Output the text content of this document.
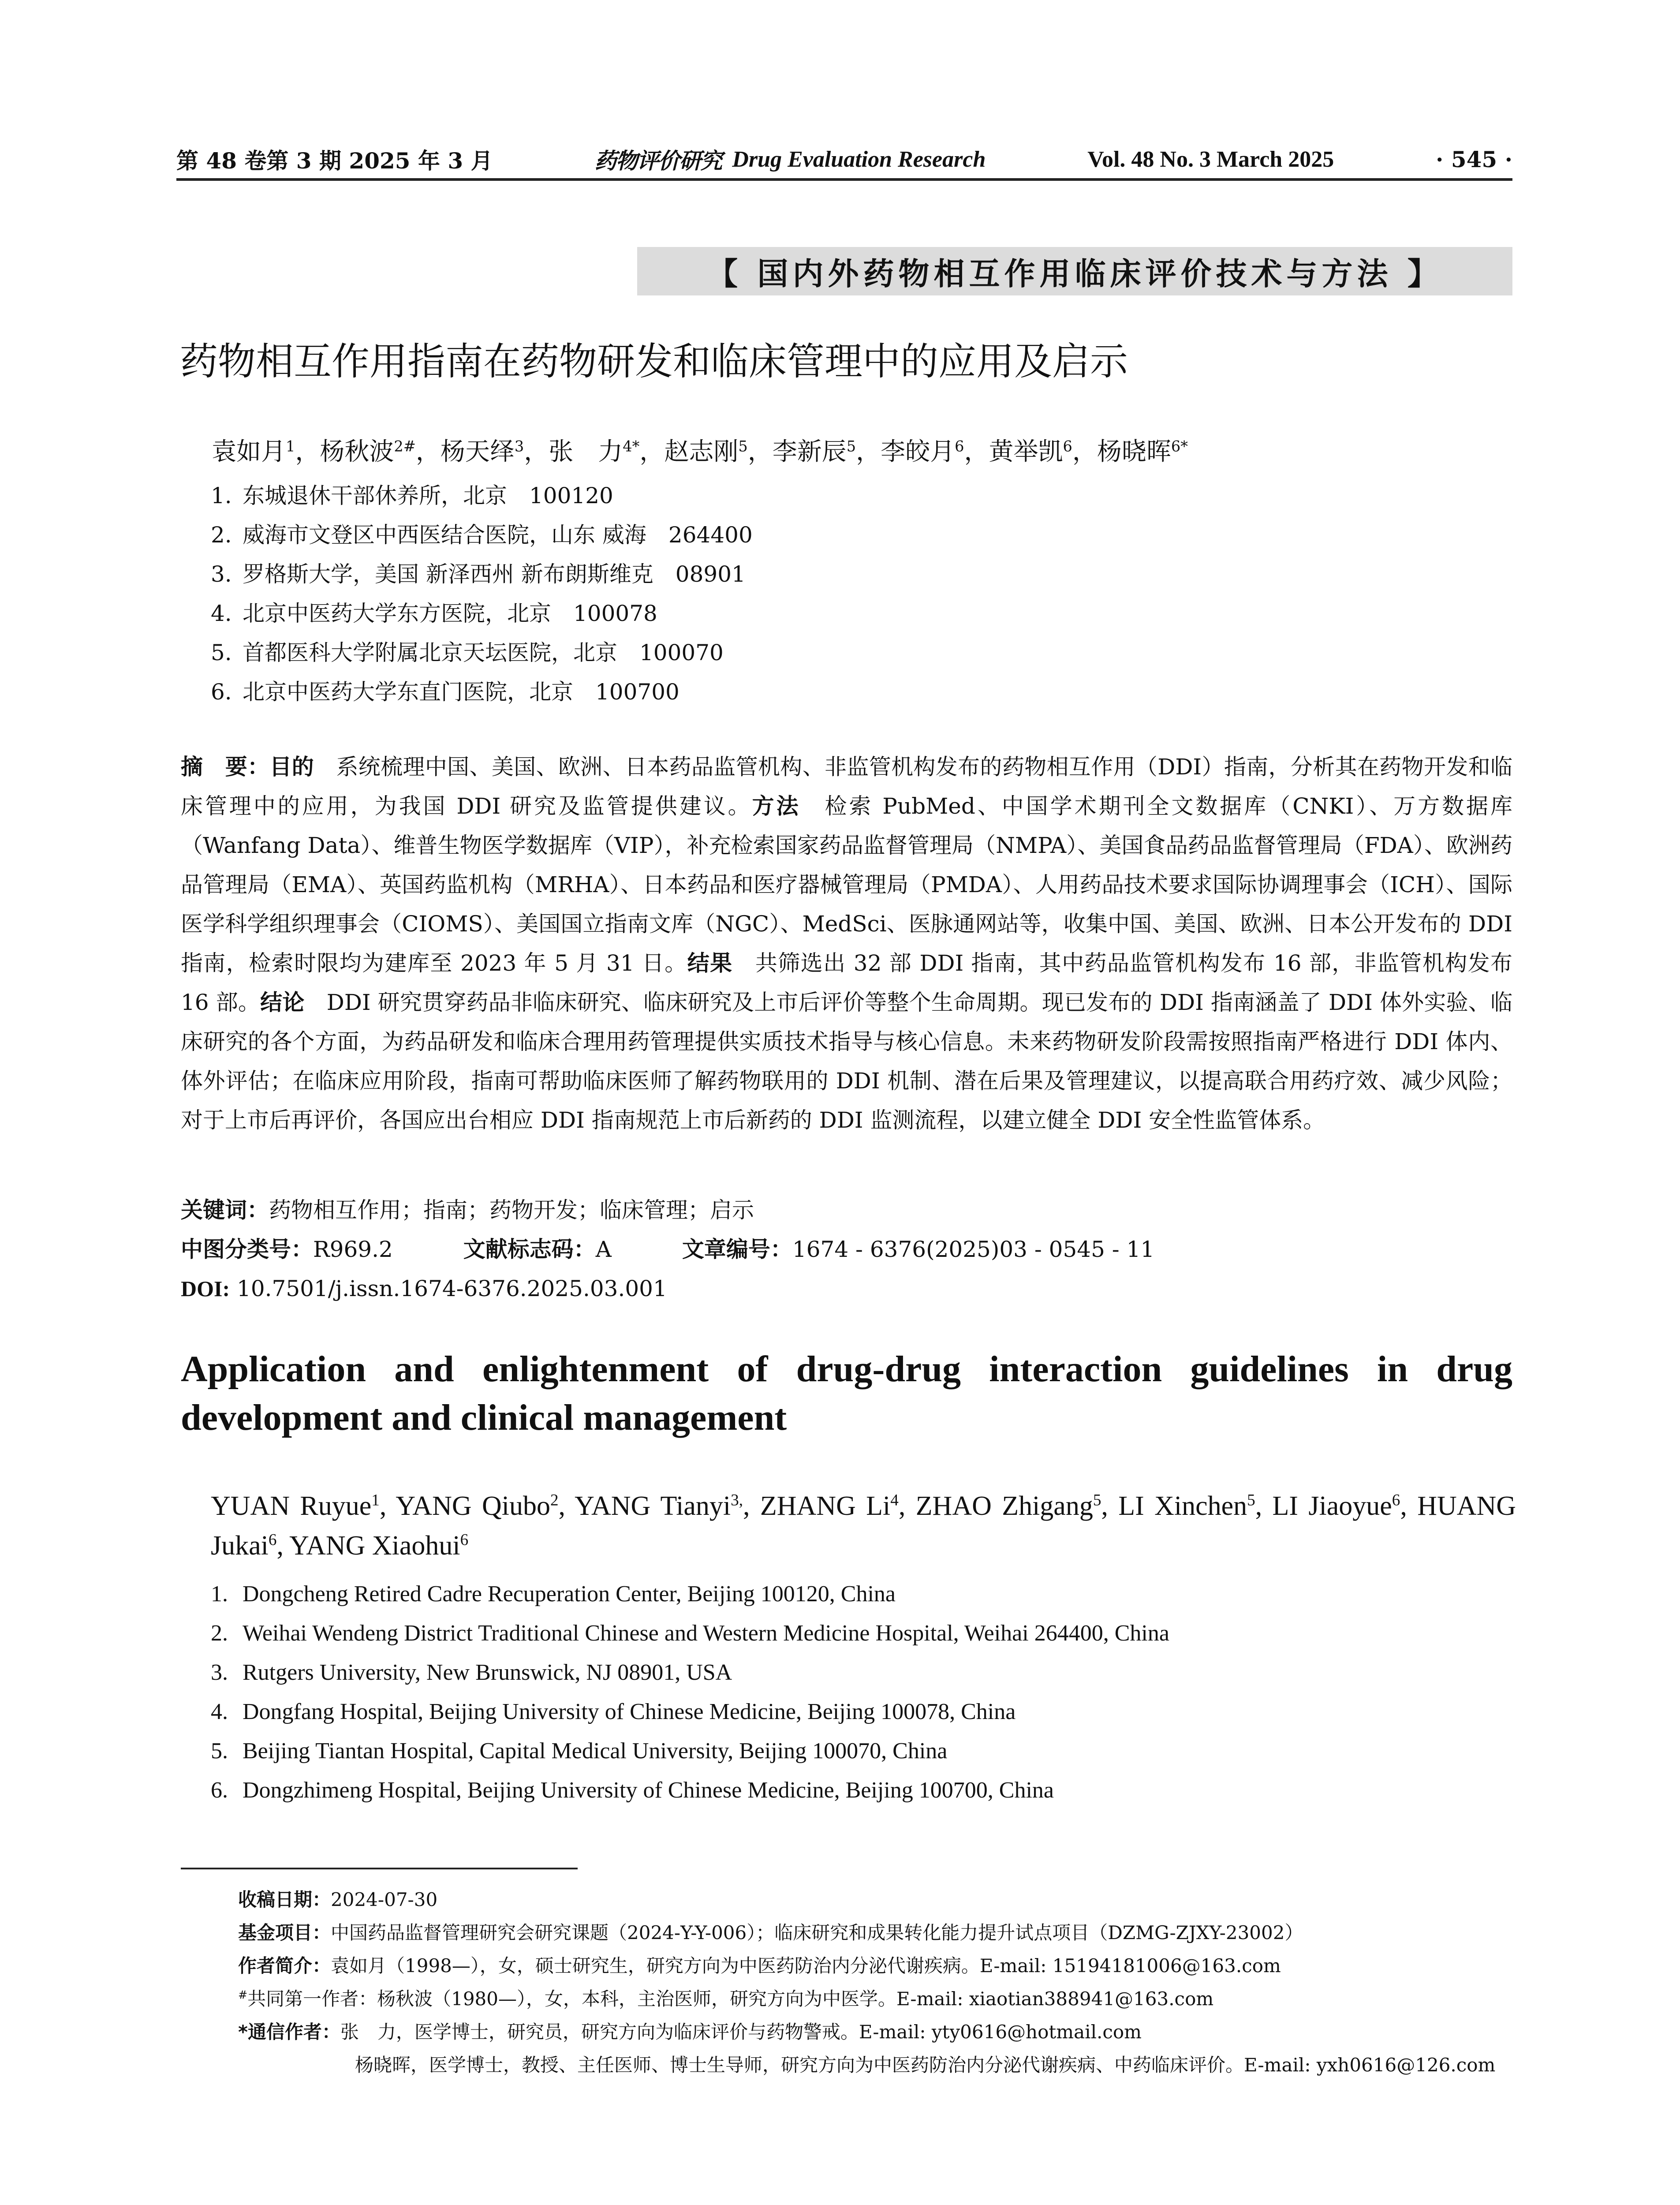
第 48 卷第 3 期 2025 年 3 月	药物评价研究 Drug Evaluation Research	Vol. 48 No. 3 March 2025	· 545 ·
【 国内外药物相互作用临床评价技术与方法 】
药物相互作用指南在药物研发和临床管理中的应用及启示
袁如月$^1$，杨秋波$^{2\#}$，杨天绎$^3$，张　力$^{4*}$，赵志刚$^5$，李新辰$^5$，李皎月$^6$，黄举凯$^6$，杨晓晖$^{6*}$
1. 东城退休干部休养所，北京　100120
2. 威海市文登区中西医结合医院，山东 威海　264400
3. 罗格斯大学，美国 新泽西州 新布朗斯维克　08901
4. 北京中医药大学东方医院，北京　100078
5. 首都医科大学附属北京天坛医院，北京　100070
6. 北京中医药大学东直门医院，北京　100700

摘　要：目的　系统梳理中国、美国、欧洲、日本药品监管机构、非监管机构发布的药物相互作用（DDI）指南，分析其在药物开发和临床管理中的应用，为我国 DDI 研究及监管提供建议。方法　检索 PubMed、中国学术期刊全文数据库（CNKI）、万方数据库（Wanfang Data）、维普生物医学数据库（VIP），补充检索国家药品监督管理局（NMPA）、美国食品药品监督管理局（FDA）、欧洲药品管理局（EMA）、英国药监机构（MRHA）、日本药品和医疗器械管理局（PMDA）、人用药品技术要求国际协调理事会（ICH）、国际医学科学组织理事会（CIOMS）、美国国立指南文库（NGC）、MedSci、医脉通网站等，收集中国、美国、欧洲、日本公开发布的 DDI 指南，检索时限均为建库至 2023 年 5 月 31 日。结果　共筛选出 32 部 DDI 指南，其中药品监管机构发布 16 部，非监管机构发布 16 部。结论　DDI 研究贯穿药品非临床研究、临床研究及上市后评价等整个生命周期。现已发布的 DDI 指南涵盖了 DDI 体外实验、临床研究的各个方面，为药品研发和临床合理用药管理提供实质技术指导与核心信息。未来药物研发阶段需按照指南严格进行 DDI 体内、体外评估；在临床应用阶段，指南可帮助临床医师了解药物联用的 DDI 机制、潜在后果及管理建议，以提高联合用药疗效、减少风险；对于上市后再评价，各国应出台相应 DDI 指南规范上市后新药的 DDI 监测流程，以建立健全 DDI 安全性监管体系。

关键词：药物相互作用；指南；药物开发；临床管理；启示
中图分类号：R969.2	文献标志码：A	文章编号：1674 - 6376(2025)03 - 0545 - 11
DOI: 10.7501/j.issn.1674-6376.2025.03.001
Application and enlightenment of drug-drug interaction guidelines in drug development and clinical management
YUAN Ruyue$^1$, YANG Qiubo$^2$, YANG Tianyi$^{3,}$, ZHANG Li$^4$, ZHAO Zhigang$^5$, LI Xinchen$^5$, LI Jiaoyue$^6$, HUANG Jukai$^6$, YANG Xiaohui$^6$
1. Dongcheng Retired Cadre Recuperation Center, Beijing 100120, China
2. Weihai Wendeng District Traditional Chinese and Western Medicine Hospital, Weihai 264400, China
3. Rutgers University, New Brunswick, NJ 08901, USA
4. Dongfang Hospital, Beijing University of Chinese Medicine, Beijing 100078, China
5. Beijing Tiantan Hospital, Capital Medical University, Beijing 100070, China
6. Dongzhimeng Hospital, Beijing University of Chinese Medicine, Beijing 100700, China
收稿日期：2024-07-30
基金项目：中国药品监督管理研究会研究课题（2024-Y-Y-006）；临床研究和成果转化能力提升试点项目（DZMG-ZJXY-23002）
作者简介：袁如月（1998—），女，硕士研究生，研究方向为中医药防治内分泌代谢疾病。E-mail: 15194181006@163.com
#共同第一作者：杨秋波（1980—），女，本科，主治医师，研究方向为中医学。E-mail: xiaotian388941@163.com
*通信作者：张　力，医学博士，研究员，研究方向为临床评价与药物警戒。E-mail: yty0616@hotmail.com
杨晓晖，医学博士，教授、主任医师、博士生导师，研究方向为中医药防治内分泌代谢疾病、中药临床评价。E-mail: yxh0616@126.com
